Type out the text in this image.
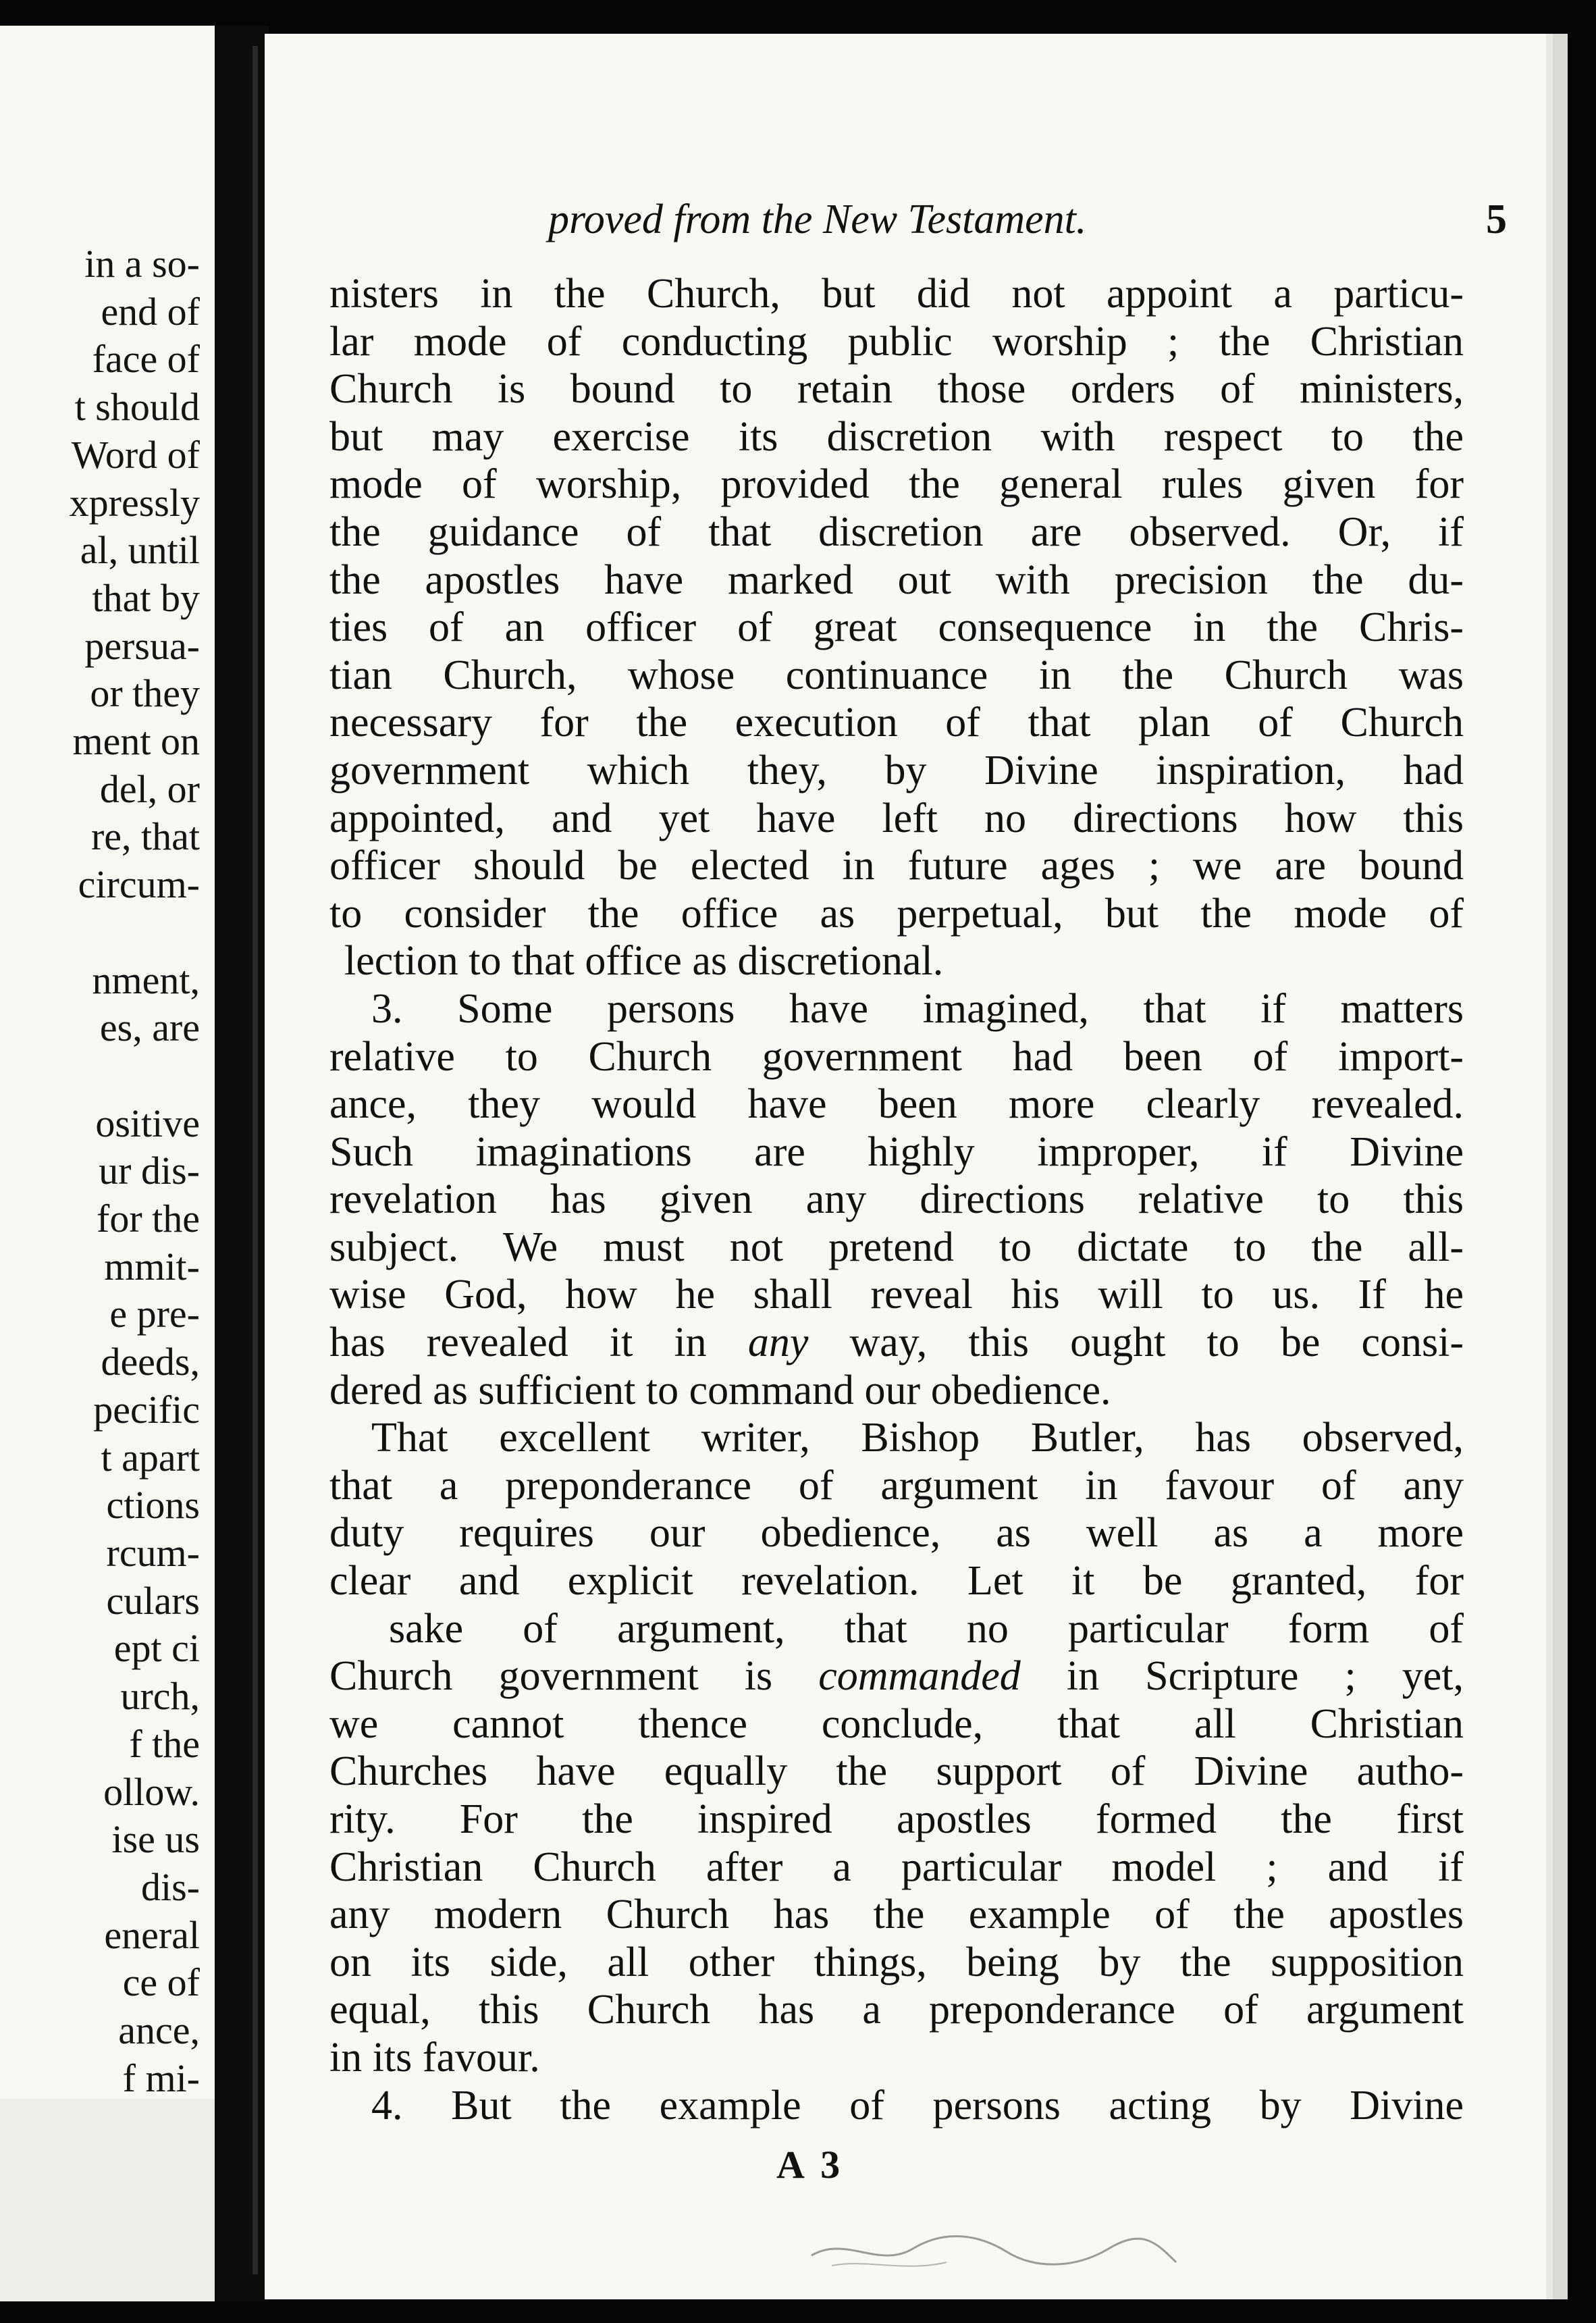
in a so-
end of
face of
t should
Word of
xpressly
al, until
that by
persua-
or they
ment on
del, or
re, that
circum-

nment,
es, are

ositive
ur dis-
for the
mmit-
e pre-
deeds,
pecific
t apart
ctions
rcum-
culars
ept ci
urch,
f the
ollow.
ise us
dis-
eneral
ce of
ance,
f mi-
proved from the New Testament.	5
nisters in the Church, but did not appoint a particu-
lar mode of conducting public worship ; the Christian
Church is bound to retain those orders of ministers,
but may exercise its discretion with respect to the
mode of worship, provided the general rules given for
the guidance of that discretion are observed. Or, if
the apostles have marked out with precision the du-
ties of an officer of great consequence in the Chris-
tian Church, whose continuance in the Church was
necessary for the execution of that plan of Church
government which they, by Divine inspiration, had
appointed, and yet have left no directions how this
officer should be elected in future ages ; we are bound
to consider the office as perpetual, but the mode of
lection to that office as discretional.
3. Some persons have imagined, that if matters
relative to Church government had been of import-
ance, they would have been more clearly revealed.
Such imaginations are highly improper, if Divine
revelation has given any directions relative to this
subject. We must not pretend to dictate to the all-
wise God, how he shall reveal his will to us. If he
has revealed it in any way, this ought to be consi-
dered as sufficient to command our obedience.
That excellent writer, Bishop Butler, has observed,
that a preponderance of argument in favour of any
duty requires our obedience, as well as a more
clear and explicit revelation. Let it be granted, for
sake of argument, that no particular form of
Church government is commanded in Scripture ; yet,
we cannot thence conclude, that all Christian
Churches have equally the support of Divine autho-
rity. For the inspired apostles formed the first
Christian Church after a particular model ; and if
any modern Church has the example of the apostles
on its side, all other things, being by the supposition
equal, this Church has a preponderance of argument
in its favour.
4. But the example of persons acting by Divine
A 3
